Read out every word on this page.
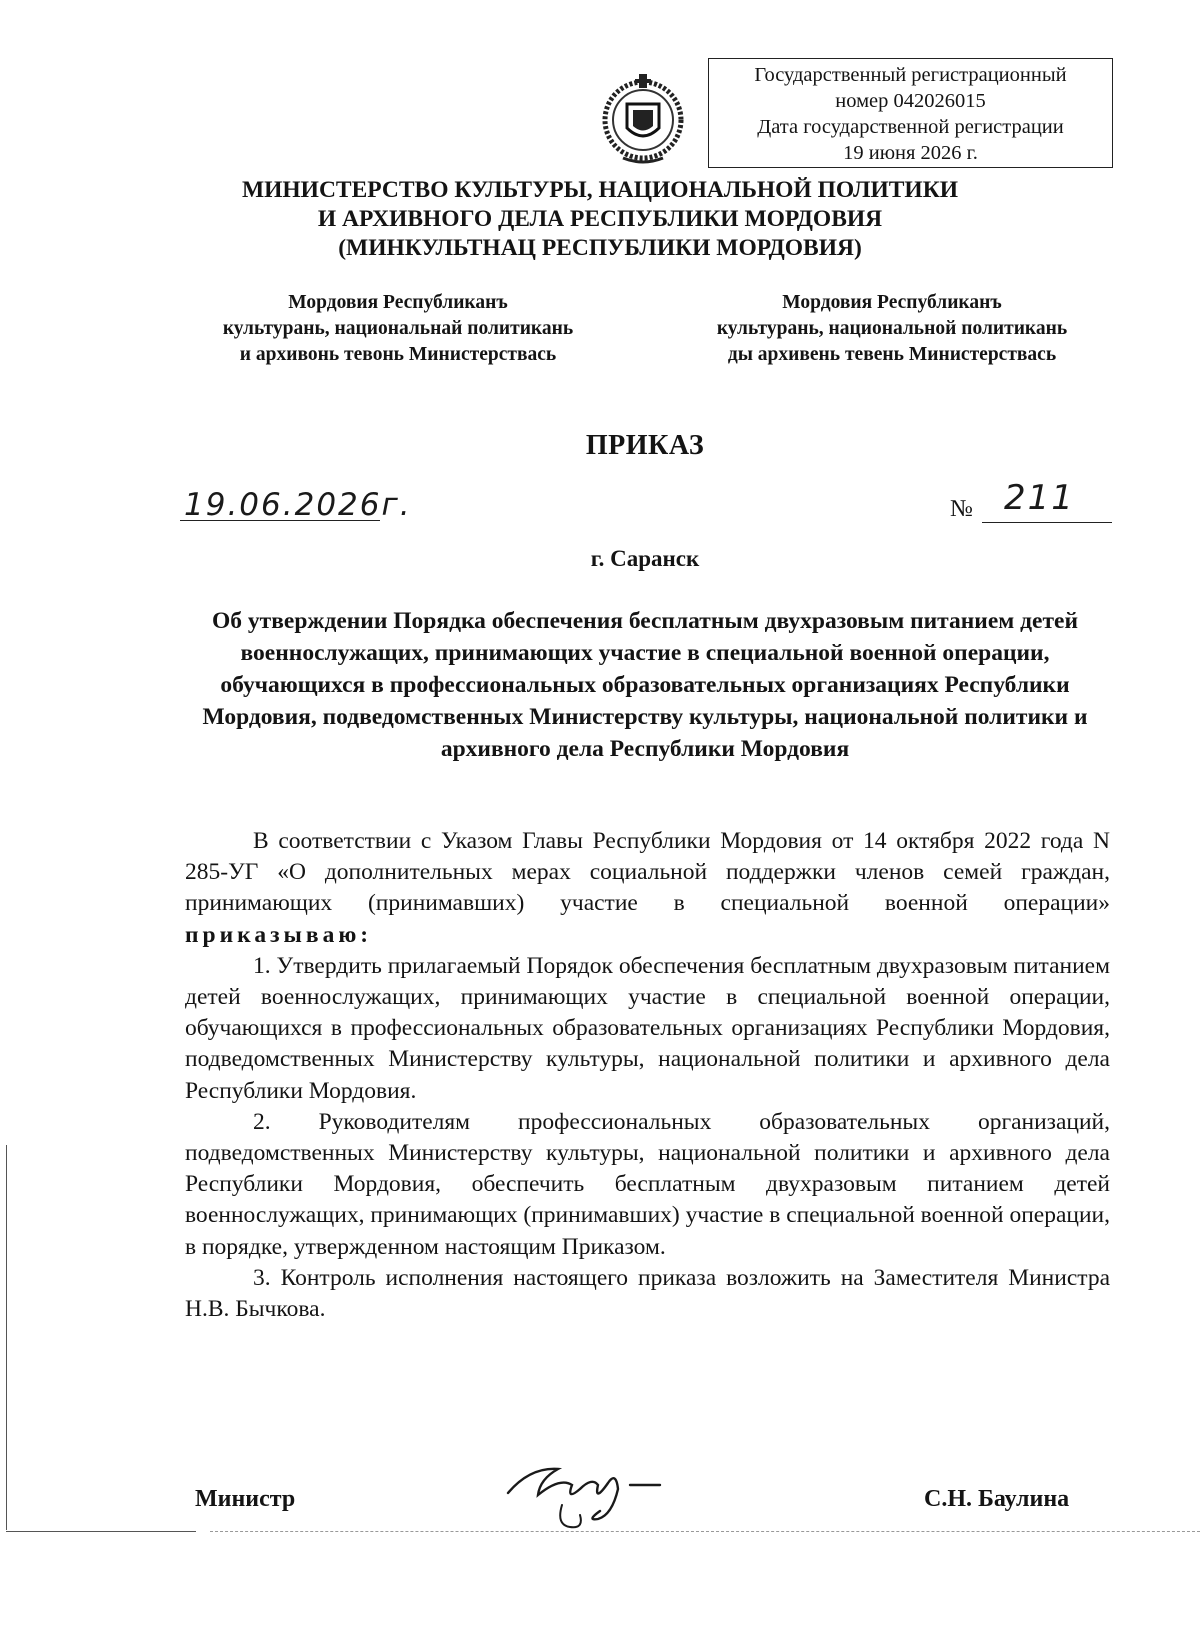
Государственный регистрационный
номер 042026015
Дата государственной регистрации
19 июня 2026 г.
МИНИСТЕРСТВО КУЛЬТУРЫ, НАЦИОНАЛЬНОЙ ПОЛИТИКИ
И АРХИВНОГО ДЕЛА РЕСПУБЛИКИ МОРДОВИЯ
(МИНКУЛЬТНАЦ РЕСПУБЛИКИ МОРДОВИЯ)
Мордовия Республиканъ
культурань, национальнай политикань
и архивонь тевонь Министерствась
Мордовия Республиканъ
культурань, национальной политикань
ды архивень тевень Министерствась
ПРИКАЗ
19.06.2026г.	№ 211
г. Саранск
Об утверждении Порядка обеспечения бесплатным двухразовым питанием детей военнослужащих, принимающих участие в специальной военной операции, обучающихся в профессиональных образовательных организациях Республики Мордовия, подведомственных Министерству культуры, национальной политики и архивного дела Республики Мордовия

В соответствии с Указом Главы Республики Мордовия от 14 октября 2022 года N 285-УГ «О дополнительных мерах социальной поддержки членов семей граждан, принимающих (принимавших) участие в специальной военной операции» приказываю:

1. Утвердить прилагаемый Порядок обеспечения бесплатным двухразовым питанием детей военнослужащих, принимающих участие в специальной военной операции, обучающихся в профессиональных образовательных организациях Республики Мордовия, подведомственных Министерству культуры, национальной политики и архивного дела Республики Мордовия.

2. Руководителям профессиональных образовательных организаций, подведомственных Министерству культуры, национальной политики и архивного дела Республики Мордовия, обеспечить бесплатным двухразовым питанием детей военнослужащих, принимающих (принимавших) участие в специальной военной операции, в порядке, утвержденном настоящим Приказом.

3. Контроль исполнения настоящего приказа возложить на Заместителя Министра Н.В. Бычкова.

Министр	С.Н. Баулина
